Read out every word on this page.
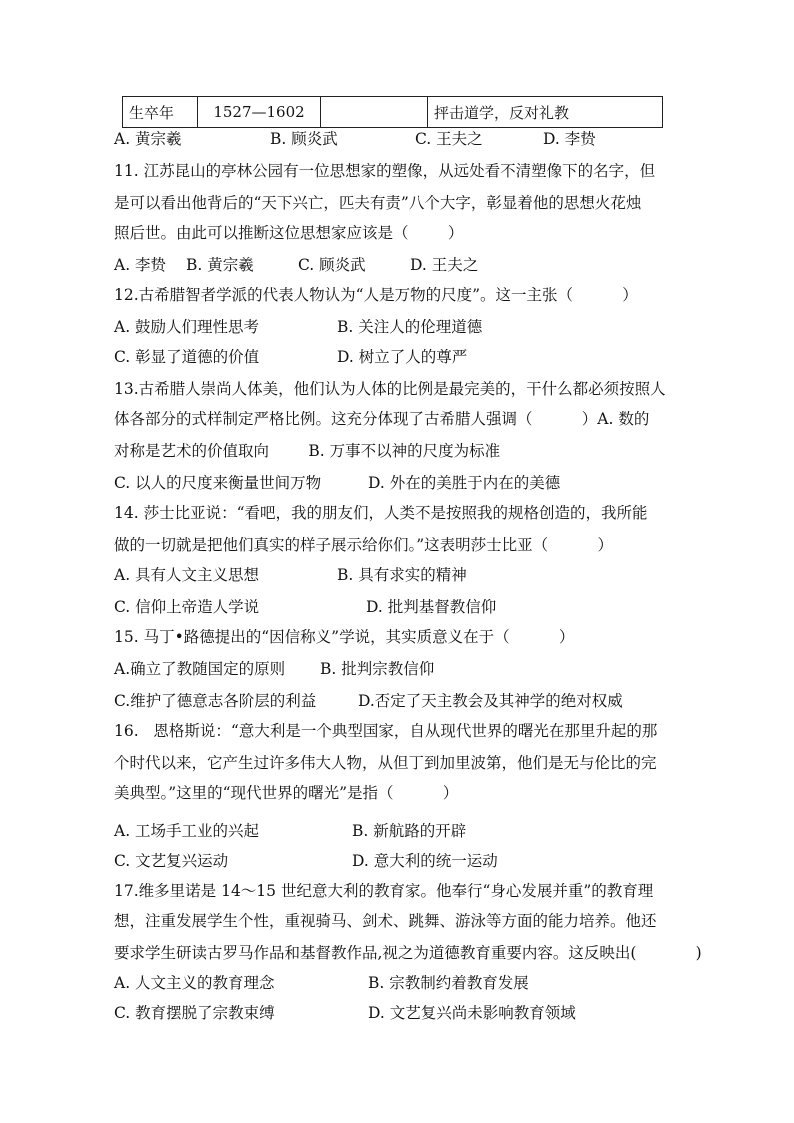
生卒年	1527—1602		抨击道学，反对礼教
A. 黄宗羲	B. 顾炎武	C. 王夫之	D. 李贽
11. 江苏昆山的亭林公园有一位思想家的塑像，从远处看不清塑像下的名字，但
是可以看出他背后的“天下兴亡，匹夫有责”八个大字，彰显着他的思想火花烛
照后世。由此可以推断这位思想家应该是（        ）
A. 李贽 B. 黄宗羲	C. 顾炎武	D. 王夫之
12.古希腊智者学派的代表人物认为“人是万物的尺度”。这一主张（          ）
A. 鼓励人们理性思考	B. 关注人的伦理道德
C. 彰显了道德的价值	D. 树立了人的尊严
13.古希腊人崇尚人体美，他们认为人体的比例是最完美的，干什么都必须按照人
体各部分的式样制定严格比例。这充分体现了古希腊人强调（          ）A. 数的
对称是艺术的价值取向        B. 万事不以神的尺度为标准
C. 以人的尺度来衡量世间万物	D. 外在的美胜于内在的美德
14. 莎士比亚说：“看吧，我的朋友们，人类不是按照我的规格创造的，我所能
做的一切就是把他们真实的样子展示给你们。”这表明莎士比亚（          ）
A. 具有人文主义思想	B. 具有求实的精神
C. 信仰上帝造人学说	D. 批判基督教信仰
15. 马丁•路德提出的“因信称义”学说，其实质意义在于（          ）
A.确立了教随国定的原则 B. 批判宗教信仰
C.维护了德意志各阶层的利益	D.否定了天主教会及其神学的绝对权威
16.   恩格斯说：“意大利是一个典型国家，自从现代世界的曙光在那里升起的那
个时代以来，它产生过许多伟大人物，从但丁到加里波第，他们是无与伦比的完
美典型。”这里的“现代世界的曙光”是指（          ）
A. 工场手工业的兴起	B. 新航路的开辟
C. 文艺复兴运动	D. 意大利的统一运动
17.维多里诺是 14～15 世纪意大利的教育家。他奉行“身心发展并重”的教育理
想，注重发展学生个性，重视骑马、剑术、跳舞、游泳等方面的能力培养。他还
要求学生研读古罗马作品和基督教作品,视之为道德教育重要内容。这反映出(            )
A. 人文主义的教育理念	B. 宗教制约着教育发展
C. 教育摆脱了宗教束缚	D. 文艺复兴尚未影响教育领域
